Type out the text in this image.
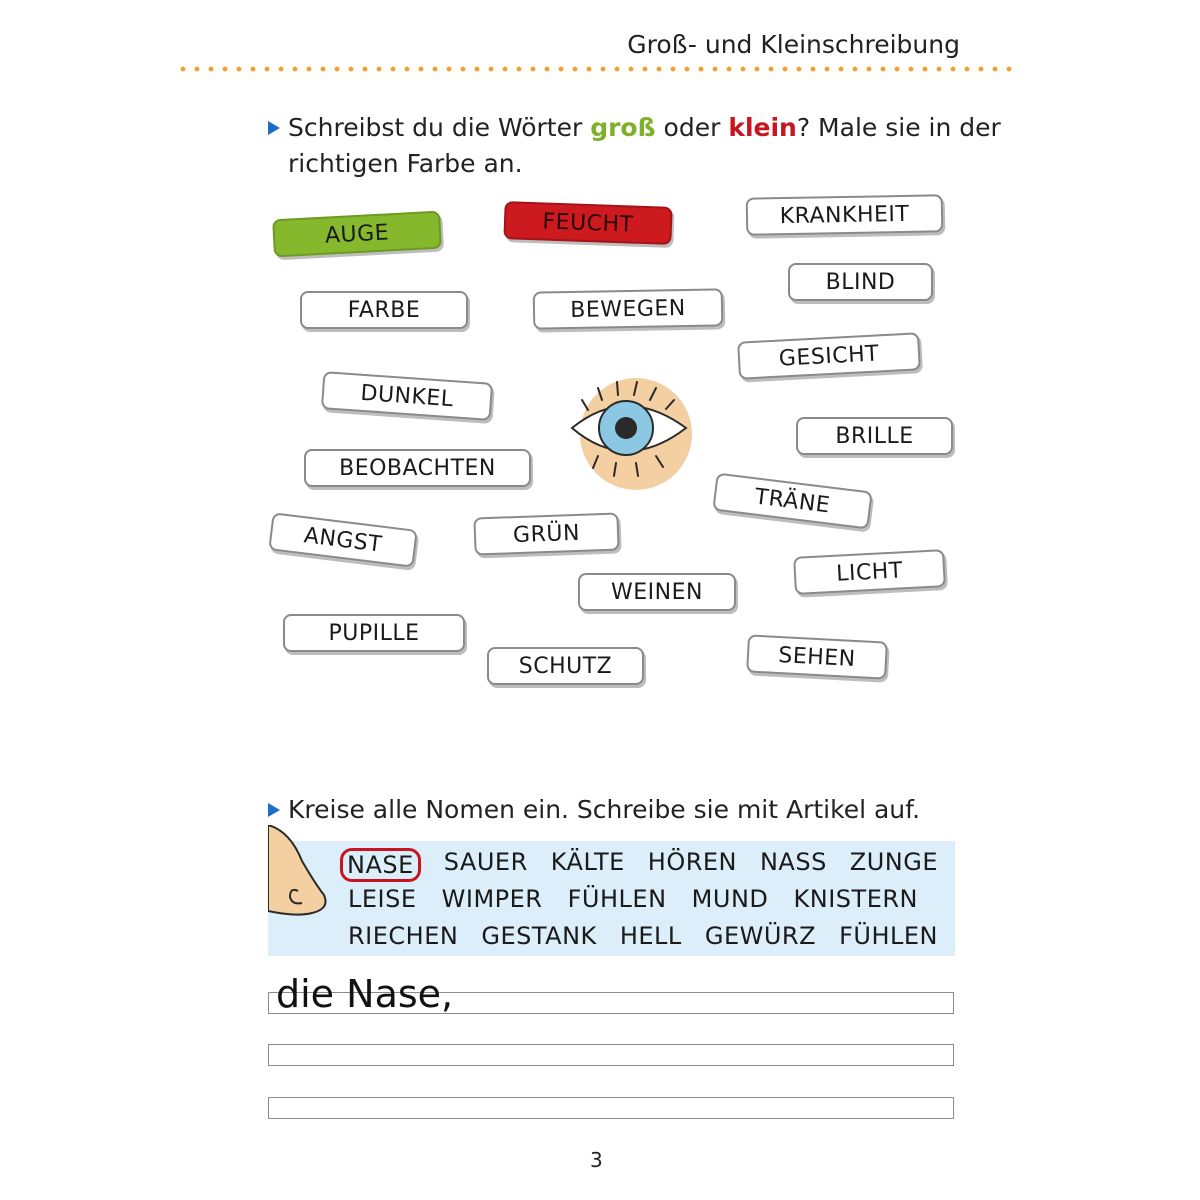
Groß- und Kleinschreibung
Schreibst du die Wörter groß oder klein? Male sie in der
richtigen Farbe an.
AUGE	FEUCHT	KRANKHEIT
BLIND
FARBE	BEWEGEN
GESICHT
DUNKEL
BRILLE
BEOBACHTEN
TRÄNE
ANGST	GRÜN
LICHT
WEINEN
PUPILLE
SCHUTZ	SEHEN
Kreise alle Nomen ein. Schreibe sie mit Artikel auf.
NASE SAUER KÄLTE HÖREN NASS ZUNGE
LEISE WIMPER FÜHLEN MUND KNISTERN
RIECHEN GESTANK HELL GEWÜRZ FÜHLEN
die Nase,
3
